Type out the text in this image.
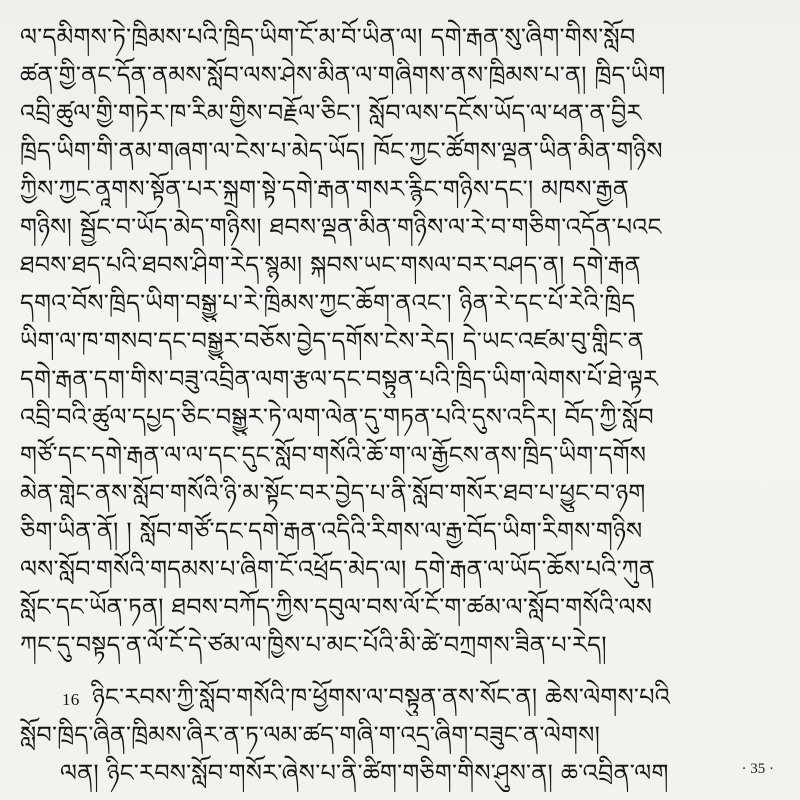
ལ་དམིགས་ཏེ་ཁྲིམས་པའི་ཁྲིད་ཡིག་ངོ་མ་བོ་ཡིན་ལ། དགེ་རྒན་སུ་ཞིག་གིས་སློབ
ཚན་གྱི་ནང་དོན་ནམས་སློབ་ལས་ཤེས་མིན་ལ་གཞིགས་ནས་ཁྲིམས་པ་ན། ཁྲིད་ཡིག
འབྲི་ཚུལ་གྱི་གཏེར་ཁ་རིམ་གྱིས་བརྗོལ་ཅིང་། སློབ་ལས་དངོས་ཡོད་ལ་ཕན་ན་བྱིར
ཁྲིད་ཡིག་གི་ནམ་གཞག་ལ་ངེས་པ་མེད་ཡོད། ཁོང་ཀྱང་ཚོགས་ལྡན་ཡིན་མིན་གཉིས
ཀྱིས་ཀྱང་ནཱགས་སྟོན་པར་སྐྲག་སྟེ་དགེ་རྒན་གསར་རྙིང་གཉིས་དང་། མཁས་རྒྱན
གཉིས། སྦྱོང་བ་ཡོད་མེད་གཉིས། ཐབས་ལྡན་མིན་གཉིས་ལ་རེ་བ་གཅིག་འདོན་པའང
ཐབས་ཐད་པའི་ཐབས་ཤིག་རེད་སྙམ། སྐབས་ཡང་གསལ་བར་བཤད་ན། དགེ་རྒན
དགའ་བོས་ཁྲིད་ཡིག་བསྒྱུ་པ་རེ་ཁྲིམས་ཀྱང་ཆོག་ནའང་། ཉིན་རེ་དང་པོ་རེའི་ཁྲིད
ཡིག་ལ་ཁ་གསབ་དང་བསྒྱུར་བཅོས་བྱེད་དགོས་ངེས་རེད། དེ་ཡང་འཛམ་བུ་གླིང་ན
དགེ་རྒན་དག་གིས་བཟུ་འབྲིན་ལག་རྩལ་དང་བསྟུན་པའི་ཁྲིད་ཡིག་ལེགས་པོ་ཐེ་ལྟར
འབྲི་བའི་ཚུལ་དཔྱད་ཅིང་བསྒྱུར་ཏེ་ལག་ལེན་དུ་གཏན་པའི་དུས་འདིར། བོད་ཀྱི་སློབ
གཙོ་དང་དགེ་རྒན་ལ་ལ་དང་དུང་སློབ་གསོའི་ཆོ་ག་ལ་རྒྱོངས་ནས་ཁྲིད་ཡིག་དགོས
མེན་གླེང་ནས་སློབ་གསོའི་ཉི་མ་སྟོང་བར་བྱེད་པ་ནི་སློབ་གསོར་ཐབ་པ་ཕྱུང་བ་ཉག
ཅིག་ཡིན་ནོ། ། སློབ་གཙོ་དང་དགེ་རྒན་འདིའི་རིགས་ལ་རྒྱ་བོད་ཡིག་རིགས་གཉིས
ལས་སློབ་གསོའི་གདམས་པ་ཞིག་ངོ་འཕྲོད་མེད་ལ། དགེ་རྒན་ལ་ཡོད་ཆོས་པའི་ཀུན
སློང་དང་ཡོན་ཏན། ཐབས་བཀོད་ཀྱིས་དབུལ་བས་ལོ་ངོ་ག་ཚམ་ལ་སློབ་གསོའི་ལས
ཀང་དུ་བསྟད་ན་ལོ་ངོ་དེ་ཙམ་ལ་ཁྱིས་པ་མང་པོའི་མི་ཚེ་བཀྲགས་ཟིན་པ་རེད།
16 ཉིང་རབས་ཀྱི་སློབ་གསོའི་ཁ་ཕྱོགས་ལ་བསྟུན་ནས་སོང་ན། ཆེས་ལེགས་པའི
སློབ་ཁྲིད་ཞིན་ཁྲིམས་ཞིར་ན་ཏ་ལམ་ཚད་གཞི་ག་འདྲ་ཞིག་བཟུང་ན་ལེགས།
ལན། ཉིང་རབས་སློབ་གསོར་ཞེས་པ་ནི་ཚིག་གཅིག་གིས་ཤུས་ན། ཆ་འབྲིན་ལག	· 35 ·
